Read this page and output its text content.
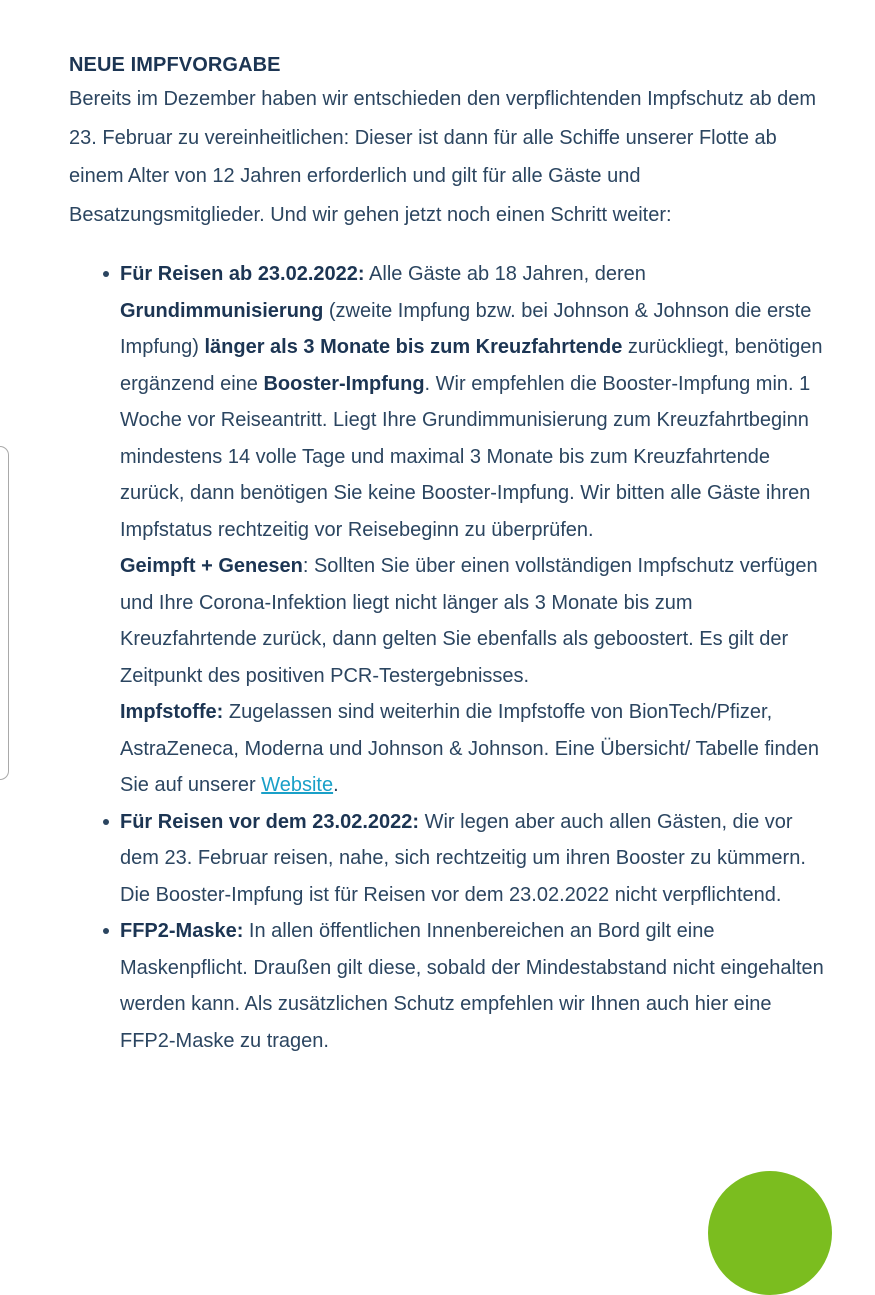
NEUE IMPFVORGABE

Bereits im Dezember haben wir entschieden den verpflichtenden Impfschutz ab dem 23. Februar zu vereinheitlichen: Dieser ist dann für alle Schiffe unserer Flotte ab einem Alter von 12 Jahren erforderlich und gilt für alle Gäste und Besatzungsmitglieder. Und wir gehen jetzt noch einen Schritt weiter:

Für Reisen ab 23.02.2022: Alle Gäste ab 18 Jahren, deren Grundimmunisierung (zweite Impfung bzw. bei Johnson & Johnson die erste Impfung) länger als 3 Monate bis zum Kreuzfahrtende zurückliegt, benötigen ergänzend eine Booster-Impfung. Wir empfehlen die Booster-Impfung min. 1 Woche vor Reiseantritt. Liegt Ihre Grundimmunisierung zum Kreuzfahrtbeginn mindestens 14 volle Tage und maximal 3 Monate bis zum Kreuzfahrtende zurück, dann benötigen Sie keine Booster-Impfung. Wir bitten alle Gäste ihren Impfstatus rechtzeitig vor Reisebeginn zu überprüfen.
Geimpft + Genesen: Sollten Sie über einen vollständigen Impfschutz verfügen und Ihre Corona-Infektion liegt nicht länger als 3 Monate bis zum Kreuzfahrtende zurück, dann gelten Sie ebenfalls als geboostert. Es gilt der Zeitpunkt des positiven PCR-Testergebnisses.
Impfstoffe: Zugelassen sind weiterhin die Impfstoffe von BionTech/Pfizer, AstraZeneca, Moderna und Johnson & Johnson. Eine Übersicht/ Tabelle finden Sie auf unserer Website.
Für Reisen vor dem 23.02.2022: Wir legen aber auch allen Gästen, die vor dem 23. Februar reisen, nahe, sich rechtzeitig um ihren Booster zu kümmern. Die Booster-Impfung ist für Reisen vor dem 23.02.2022 nicht verpflichtend.
FFP2-Maske: In allen öffentlichen Innenbereichen an Bord gilt eine Maskenpflicht. Draußen gilt diese, sobald der Mindestabstand nicht eingehalten werden kann. Als zusätzlichen Schutz empfehlen wir Ihnen auch hier eine FFP2-Maske zu tragen.
